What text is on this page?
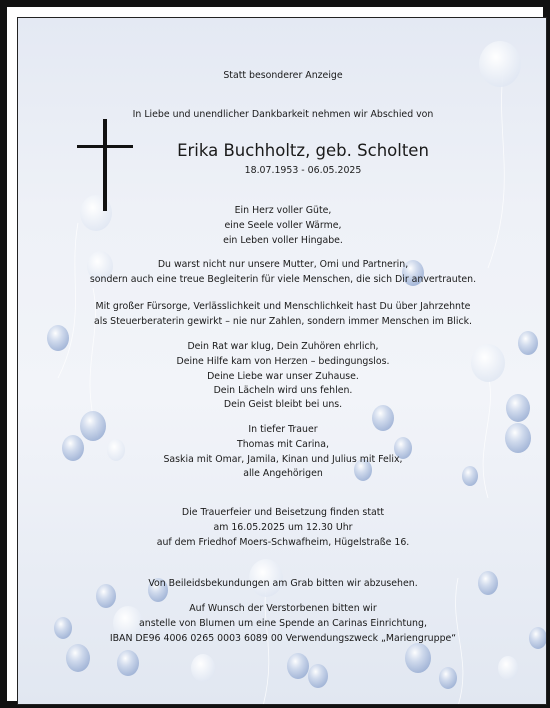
Statt besonderer Anzeige
In Liebe und unendlicher Dankbarkeit nehmen wir Abschied von
Erika Buchholtz, geb. Scholten
18.07.1953 - 06.05.2025
Ein Herz voller Güte,
eine Seele voller Wärme,
ein Leben voller Hingabe.
Du warst nicht nur unsere Mutter, Omi und Partnerin,
sondern auch eine treue Begleiterin für viele Menschen, die sich Dir anvertrauten.
Mit großer Fürsorge, Verlässlichkeit und Menschlichkeit hast Du über Jahrzehnte
als Steuerberaterin gewirkt – nie nur Zahlen, sondern immer Menschen im Blick.
Dein Rat war klug, Dein Zuhören ehrlich,
Deine Hilfe kam von Herzen – bedingungslos.
Deine Liebe war unser Zuhause.
Dein Lächeln wird uns fehlen.
Dein Geist bleibt bei uns.
In tiefer Trauer
Thomas mit Carina,
Saskia mit Omar, Jamila, Kinan und Julius mit Felix,
alle Angehörigen
Die Trauerfeier und Beisetzung finden statt
am 16.05.2025 um 12.30 Uhr
auf dem Friedhof Moers-Schwafheim, Hügelstraße 16.
Von Beileidsbekundungen am Grab bitten wir abzusehen.
Auf Wunsch der Verstorbenen bitten wir
anstelle von Blumen um eine Spende an Carinas Einrichtung,
IBAN DE96 4006 0265 0003 6089 00 Verwendungszweck „Mariengruppe“
